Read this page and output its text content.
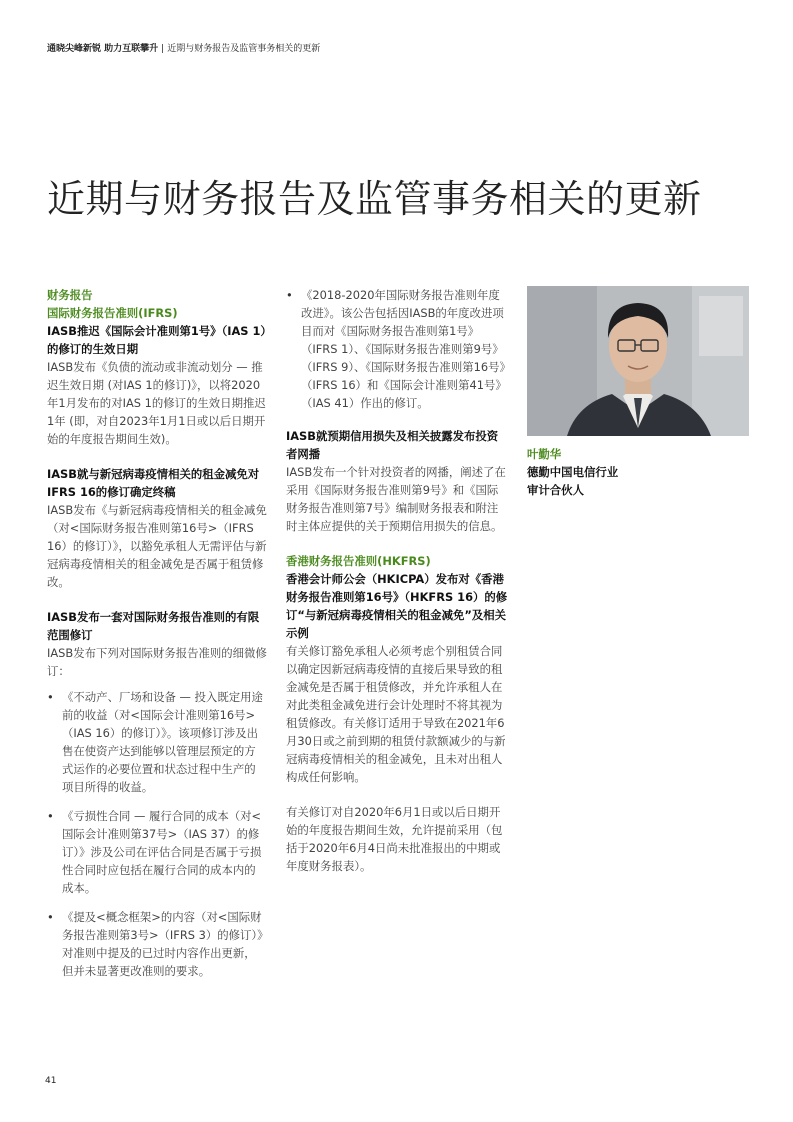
通晓尖峰新锐 助力互联攀升 | 近期与财务报告及监管事务相关的更新
近期与财务报告及监管事务相关的更新
财务报告
国际财务报告准则(IFRS)
IASB推迟《国际会计准则第1号》（IAS 1）的修订的生效日期

IASB发布《负债的流动或非流动划分 — 推迟生效日期 (对IAS 1的修订)》，以将2020年1月发布的对IAS 1的修订的生效日期推迟1年 (即，对自2023年1月1日或以后日期开始的年度报告期间生效)。

IASB就与新冠病毒疫情相关的租金减免对IFRS 16的修订确定终稿

IASB发布《与新冠病毒疫情相关的租金减免（对<国际财务报告准则第16号>（IFRS 16）的修订）》，以豁免承租人无需评估与新冠病毒疫情相关的租金减免是否属于租赁修改。

IASB发布一套对国际财务报告准则的有限范围修订

IASB发布下列对国际财务报告准则的细微修订：

• 《不动产、厂场和设备 — 投入既定用途前的收益（对<国际会计准则第16号>（IAS 16）的修订）》。该项修订涉及出售在使资产达到能够以管理层预定的方式运作的必要位置和状态过程中生产的项目所得的收益。
• 《亏损性合同 — 履行合同的成本（对<国际会计准则第37号>（IAS 37）的修订）》涉及公司在评估合同是否属于亏损性合同时应包括在履行合同的成本内的成本。
• 《提及<概念框架>的内容（对<国际财务报告准则第3号>（IFRS 3）的修订）》对准则中提及的已过时内容作出更新，但并未显著更改准则的要求。
• 《2018-2020年国际财务报告准则年度改进》。该公告包括因IASB的年度改进项目而对《国际财务报告准则第1号》（IFRS 1）、《国际财务报告准则第9号》（IFRS 9）、《国际财务报告准则第16号》（IFRS 16）和《国际会计准则第41号》（IAS 41）作出的修订。
IASB就预期信用损失及相关披露发布投资者网播

IASB发布一个针对投资者的网播，阐述了在采用《国际财务报告准则第9号》和《国际财务报告准则第7号》编制财务报表和附注时主体应提供的关于预期信用损失的信息。

香港财务报告准则(HKFRS)
香港会计师公会（HKICPA）发布对《香港财务报告准则第16号》（HKFRS 16）的修订“与新冠病毒疫情相关的租金减免”及相关示例

有关修订豁免承租人必须考虑个别租赁合同以确定因新冠病毒疫情的直接后果导致的租金减免是否属于租赁修改，并允许承租人在对此类租金减免进行会计处理时不将其视为租赁修改。有关修订适用于导致在2021年6月30日或之前到期的租赁付款额减少的与新冠病毒疫情相关的租金减免，且未对出租人构成任何影响。

有关修订对自2020年6月1日或以后日期开始的年度报告期间生效，允许提前采用（包括于2020年6月4日尚未批准报出的中期或年度财务报表）。

叶勤华
德勤中国电信行业
审计合伙人
41
